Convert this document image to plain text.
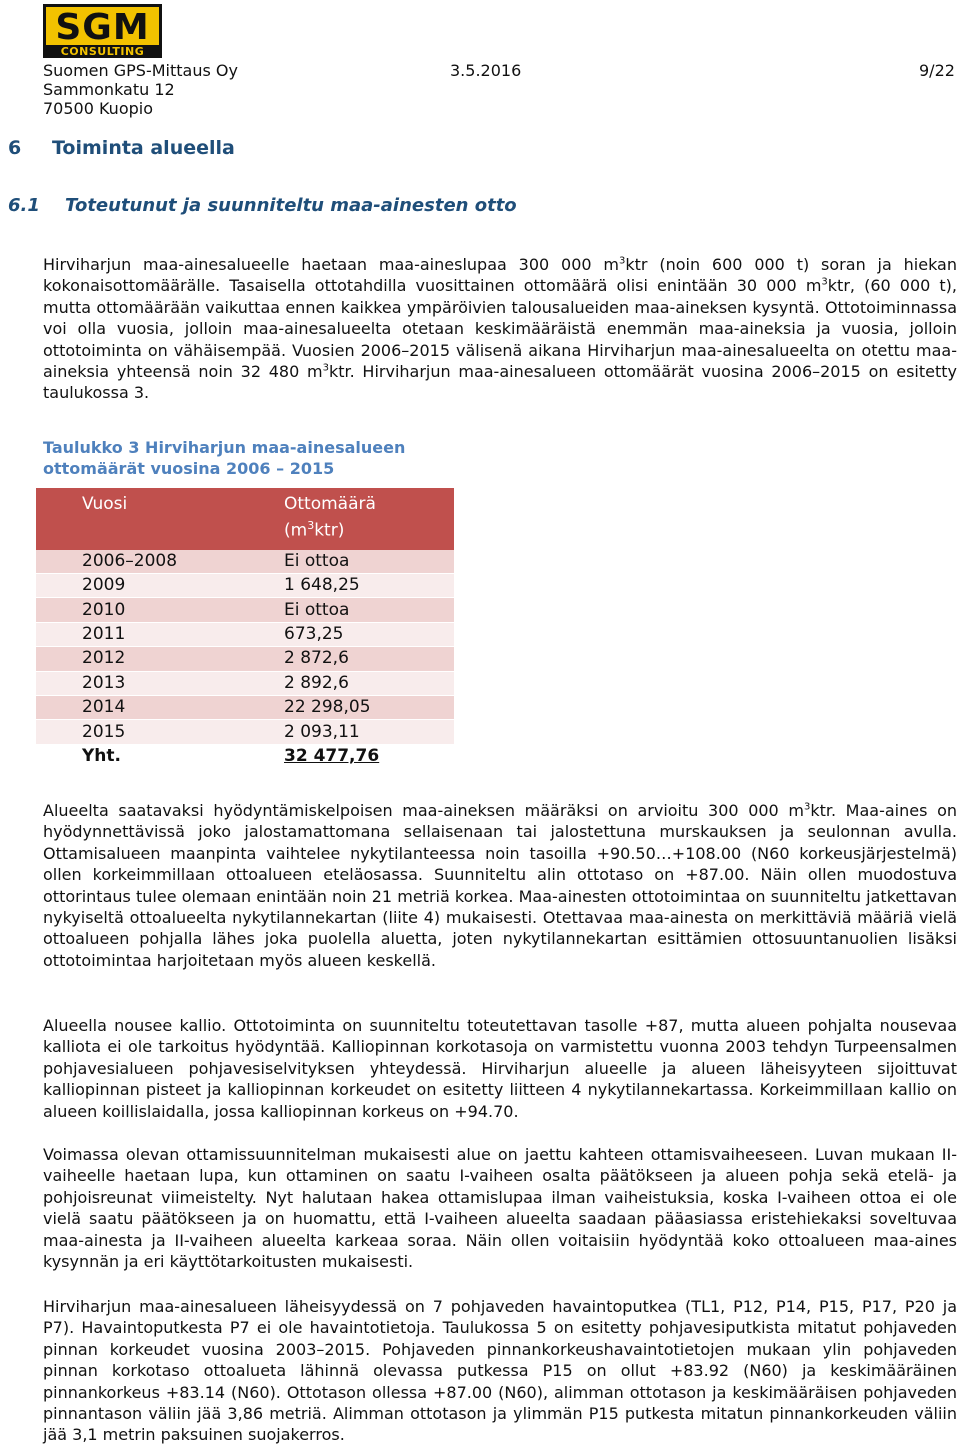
SGM
CONSULTING
Suomen GPS-Mittaus Oy	3.5.2016	9/22
Sammonkatu 12
70500 Kuopio
6 Toiminta alueella
6.1 Toteutunut ja suunniteltu maa-ainesten otto

Hirviharjun maa-ainesalueelle haetaan maa-aineslupaa 300 000 $m^3ktr$ (noin 600 000 t) soran ja hiekan kokonaisottomäärälle. Tasaisella ottotahdilla vuosittainen ottomäärä olisi enintään 30 000 $m^3ktr$, (60 000 t), mutta ottomäärään vaikuttaa ennen kaikkea ympäröivien talousalueiden maa-aineksen kysyntä. Ottotoiminnassa voi olla vuosia, jolloin maa-ainesalueelta otetaan keskimääräistä enemmän maa-aineksia ja vuosia, jolloin ottotoiminta on vähäisempää. Vuosien 2006–2015 välisenä aikana Hirviharjun maa-ainesalueelta on otettu maa-aineksia yhteensä noin 32 480 $m^3ktr$. Hirviharjun maa-ainesalueen ottomäärät vuosina 2006–2015 on esitetty taulukossa 3.

Taulukko 3 Hirviharjun maa-ainesalueen ottomäärät vuosina 2006 – 2015

Vuosi	Ottomäärä
$(m^3ktr)$
2006–2008	Ei ottoa
2009	1 648,25
2010	Ei ottoa
2011	673,25
2012	2 872,6
2013	2 892,6
2014	22 298,05
2015	2 093,11
Yht.	32 477,76

Alueelta saatavaksi hyödyntämiskelpoisen maa-aineksen määräksi on arvioitu 300 000 $m^3ktr$. Maa-aines on hyödynnettävissä joko jalostamattomana sellaisenaan tai jalostettuna murskauksen ja seulonnan avulla. Ottamisalueen maanpinta vaihtelee nykytilanteessa noin tasoilla +90.50…+108.00 (N60 korkeusjärjestelmä) ollen korkeimmillaan ottoalueen eteläosassa. Suunniteltu alin ottotaso on +87.00. Näin ollen muodostuva ottorintaus tulee olemaan enintään noin 21 metriä korkea. Maa-ainesten ottotoimintaa on suunniteltu jatkettavan nykyiseltä ottoalueelta nykytilannekartan (liite 4) mukaisesti. Otettavaa maa-ainesta on merkittäviä määriä vielä ottoalueen pohjalla lähes joka puolella aluetta, joten nykytilannekartan esittämien ottosuuntanuolien lisäksi ottotoimintaa harjoitetaan myös alueen keskellä.

Alueella nousee kallio. Ottotoiminta on suunniteltu toteutettavan tasolle +87, mutta alueen pohjalta nousevaa kalliota ei ole tarkoitus hyödyntää. Kalliopinnan korkotasoja on varmistettu vuonna 2003 tehdyn Turpeensalmen pohjavesialueen pohjavesiselvityksen yhteydessä. Hirviharjun alueelle ja alueen läheisyyteen sijoittuvat kalliopinnan pisteet ja kalliopinnan korkeudet on esitetty liitteen 4 nykytilannekartassa. Korkeimmillaan kallio on alueen koillislaidalla, jossa kalliopinnan korkeus on +94.70.

Voimassa olevan ottamissuunnitelman mukaisesti alue on jaettu kahteen ottamisvaiheeseen. Luvan mukaan II-vaiheelle haetaan lupa, kun ottaminen on saatu I-vaiheen osalta päätökseen ja alueen pohja sekä etelä- ja pohjoisreunat viimeistelty. Nyt halutaan hakea ottamislupaa ilman vaiheistuksia, koska I-vaiheen ottoa ei ole vielä saatu päätökseen ja on huomattu, että I-vaiheen alueelta saadaan pääasiassa eristehiekaksi soveltuvaa maa-ainesta ja II-vaiheen alueelta karkeaa soraa. Näin ollen voitaisiin hyödyntää koko ottoalueen maa-aines kysynnän ja eri käyttötarkoitusten mukaisesti.

Hirviharjun maa-ainesalueen läheisyydessä on 7 pohjaveden havaintoputkea (TL1, P12, P14, P15, P17, P20 ja P7). Havaintoputkesta P7 ei ole havaintotietoja. Taulukossa 5 on esitetty pohjavesiputkista mitatut pohjaveden pinnan korkeudet vuosina 2003–2015. Pohjaveden pinnankorkeushavaintotietojen mukaan ylin pohjaveden pinnan korkotaso ottoalueta lähinnä olevassa putkessa P15 on ollut +83.92 (N60) ja keskimääräinen pinnankorkeus +83.14 (N60). Ottotason ollessa +87.00 (N60), alimman ottotason ja keskimääräisen pohjaveden pinnantason väliin jää 3,86 metriä. Alimman ottotason ja ylimmän P15 putkesta mitatun pinnankorkeuden väliin jää 3,1 metrin paksuinen suojakerros.
